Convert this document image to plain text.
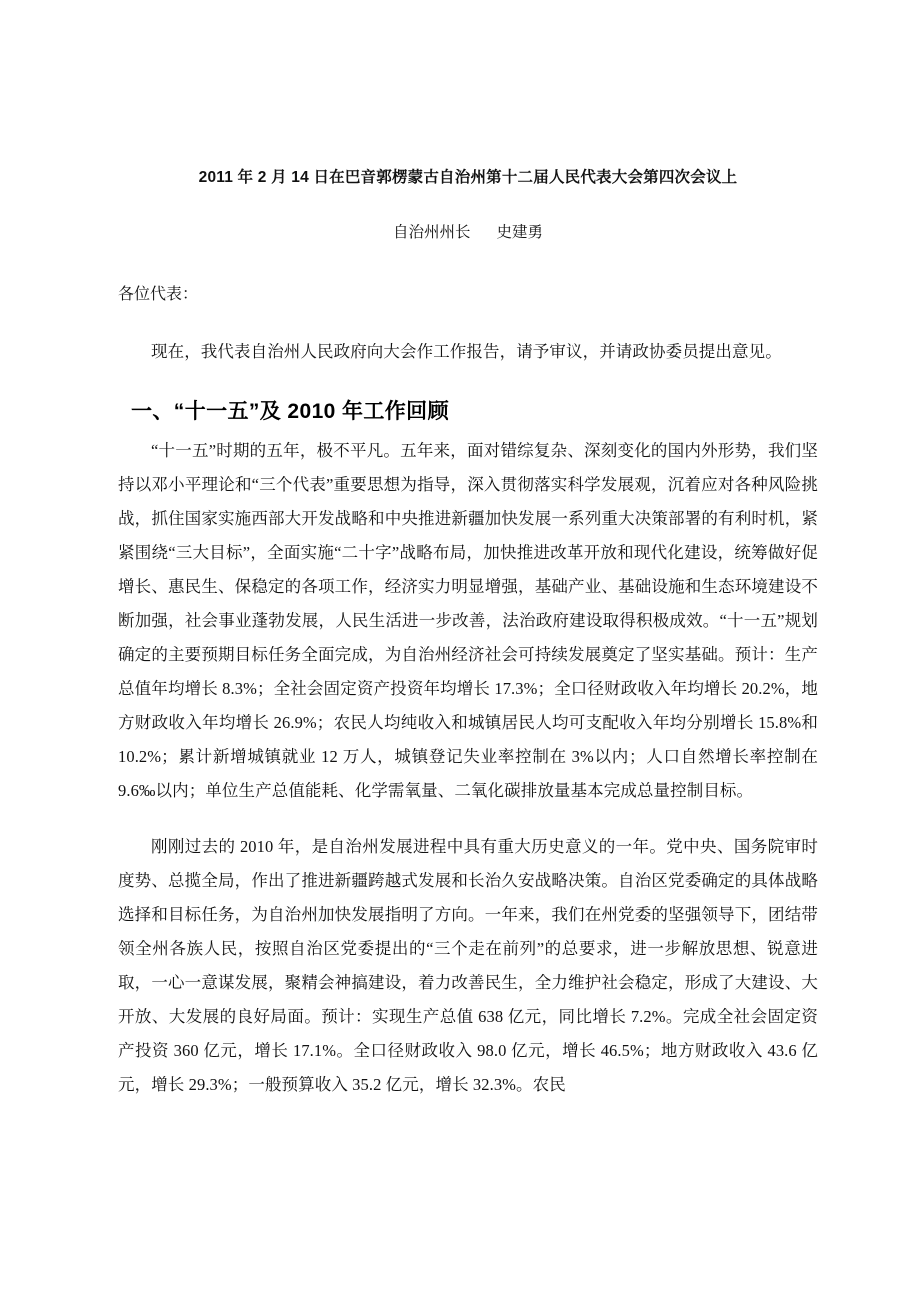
2011 年 2 月 14 日在巴音郭楞蒙古自治州第十二届人民代表大会第四次会议上

自治州州长 史建勇

各位代表：

现在，我代表自治州人民政府向大会作工作报告，请予审议，并请政协委员提出意见。

一、“十一五”及 2010 年工作回顾

“十一五”时期的五年，极不平凡。五年来，面对错综复杂、深刻变化的国内外形势，我们坚持以邓小平理论和“三个代表”重要思想为指导，深入贯彻落实科学发展观，沉着应对各种风险挑战，抓住国家实施西部大开发战略和中央推进新疆加快发展一系列重大决策部署的有利时机，紧紧围绕“三大目标”，全面实施“二十字”战略布局，加快推进改革开放和现代化建设，统筹做好促增长、惠民生、保稳定的各项工作，经济实力明显增强，基础产业、基础设施和生态环境建设不断加强，社会事业蓬勃发展，人民生活进一步改善，法治政府建设取得积极成效。“十一五”规划确定的主要预期目标任务全面完成，为自治州经济社会可持续发展奠定了坚实基础。预计：生产总值年均增长 8.3%；全社会固定资产投资年均增长 17.3%；全口径财政收入年均增长 20.2%，地方财政收入年均增长 26.9%；农民人均纯收入和城镇居民人均可支配收入年均分别增长 15.8%和 10.2%；累计新增城镇就业 12 万人，城镇登记失业率控制在 3%以内；人口自然增长率控制在 9.6‰以内；单位生产总值能耗、化学需氧量、二氧化碳排放量基本完成总量控制目标。

刚刚过去的 2010 年，是自治州发展进程中具有重大历史意义的一年。党中央、国务院审时度势、总揽全局，作出了推进新疆跨越式发展和长治久安战略决策。自治区党委确定的具体战略选择和目标任务，为自治州加快发展指明了方向。一年来，我们在州党委的坚强领导下，团结带领全州各族人民，按照自治区党委提出的“三个走在前列”的总要求，进一步解放思想、锐意进取，一心一意谋发展，聚精会神搞建设，着力改善民生，全力维护社会稳定，形成了大建设、大开放、大发展的良好局面。预计：实现生产总值 638 亿元，同比增长 7.2%。完成全社会固定资产投资 360 亿元，增长 17.1%。全口径财政收入 98.0 亿元，增长 46.5%；地方财政收入 43.6 亿元，增长 29.3%；一般预算收入 35.2 亿元，增长 32.3%。农民
